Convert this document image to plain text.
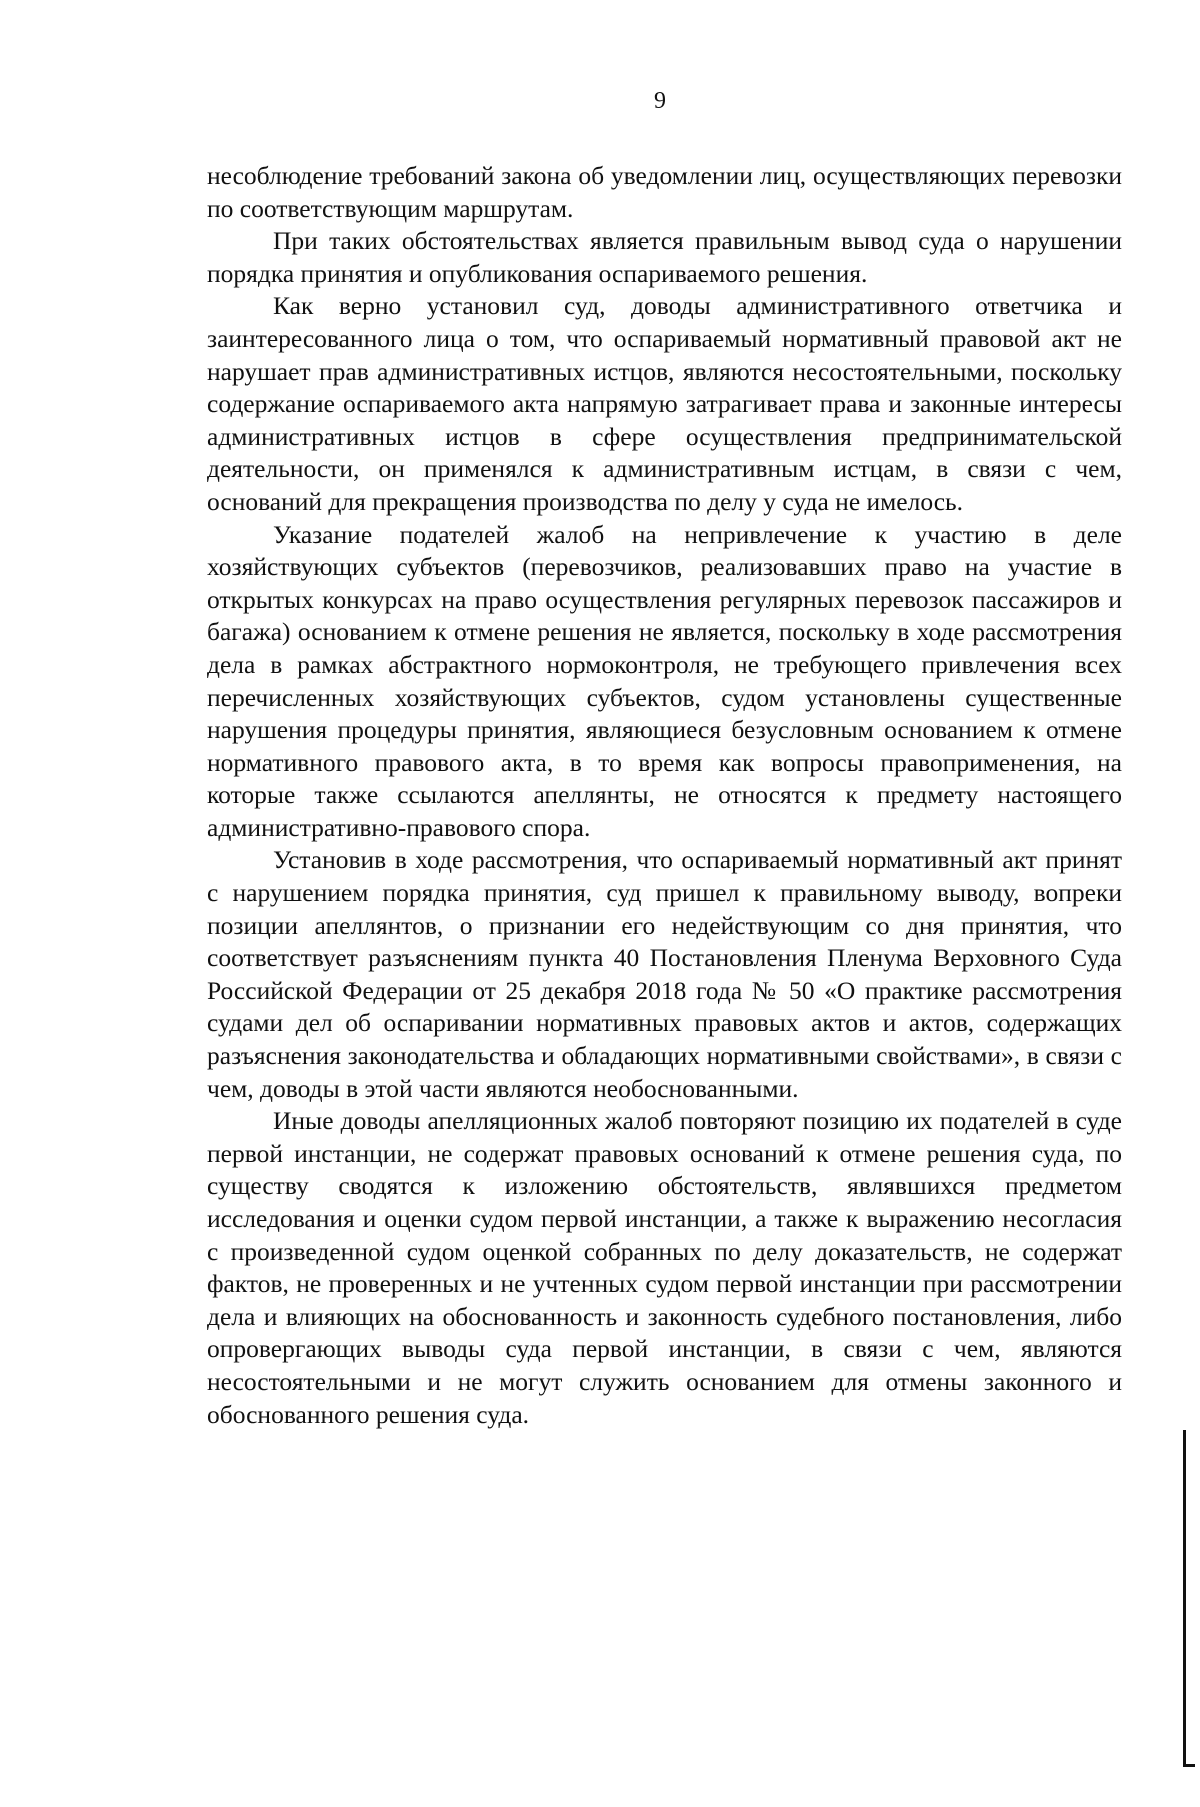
9

несоблюдение требований закона об уведомлении лиц, осуществляющих перевозки по соответствующим маршрутам.

При таких обстоятельствах является правильным вывод суда о нарушении порядка принятия и опубликования оспариваемого решения.

Как верно установил суд, доводы административного ответчика и заинтересованного лица о том, что оспариваемый нормативный правовой акт не нарушает прав административных истцов, являются несостоятельными, поскольку содержание оспариваемого акта напрямую затрагивает права и законные интересы административных истцов в сфере осуществления предпринимательской деятельности, он применялся к административным истцам, в связи с чем, оснований для прекращения производства по делу у суда не имелось.

Указание подателей жалоб на непривлечение к участию в деле хозяйствующих субъектов (перевозчиков, реализовавших право на участие в открытых конкурсах на право осуществления регулярных перевозок пассажиров и багажа) основанием к отмене решения не является, поскольку в ходе рассмотрения дела в рамках абстрактного нормоконтроля, не требующего привлечения всех перечисленных хозяйствующих субъектов, судом установлены существенные нарушения процедуры принятия, являющиеся безусловным основанием к отмене нормативного правового акта, в то время как вопросы правоприменения, на которые также ссылаются апеллянты, не относятся к предмету настоящего административно-правового спора.

Установив в ходе рассмотрения, что оспариваемый нормативный акт принят с нарушением порядка принятия, суд пришел к правильному выводу, вопреки позиции апеллянтов, о признании его недействующим со дня принятия, что соответствует разъяснениям пункта 40 Постановления Пленума Верховного Суда Российской Федерации от 25 декабря 2018 года № 50 «О практике рассмотрения судами дел об оспаривании нормативных правовых актов и актов, содержащих разъяснения законодательства и обладающих нормативными свойствами», в связи с чем, доводы в этой части являются необоснованными.

Иные доводы апелляционных жалоб повторяют позицию их подателей в суде первой инстанции, не содержат правовых оснований к отмене решения суда, по существу сводятся к изложению обстоятельств, являвшихся предметом исследования и оценки судом первой инстанции, а также к выражению несогласия с произведенной судом оценкой собранных по делу доказательств, не содержат фактов, не проверенных и не учтенных судом первой инстанции при рассмотрении дела и влияющих на обоснованность и законность судебного постановления, либо опровергающих выводы суда первой инстанции, в связи с чем, являются несостоятельными и не могут служить основанием для отмены законного и обоснованного решения суда.
